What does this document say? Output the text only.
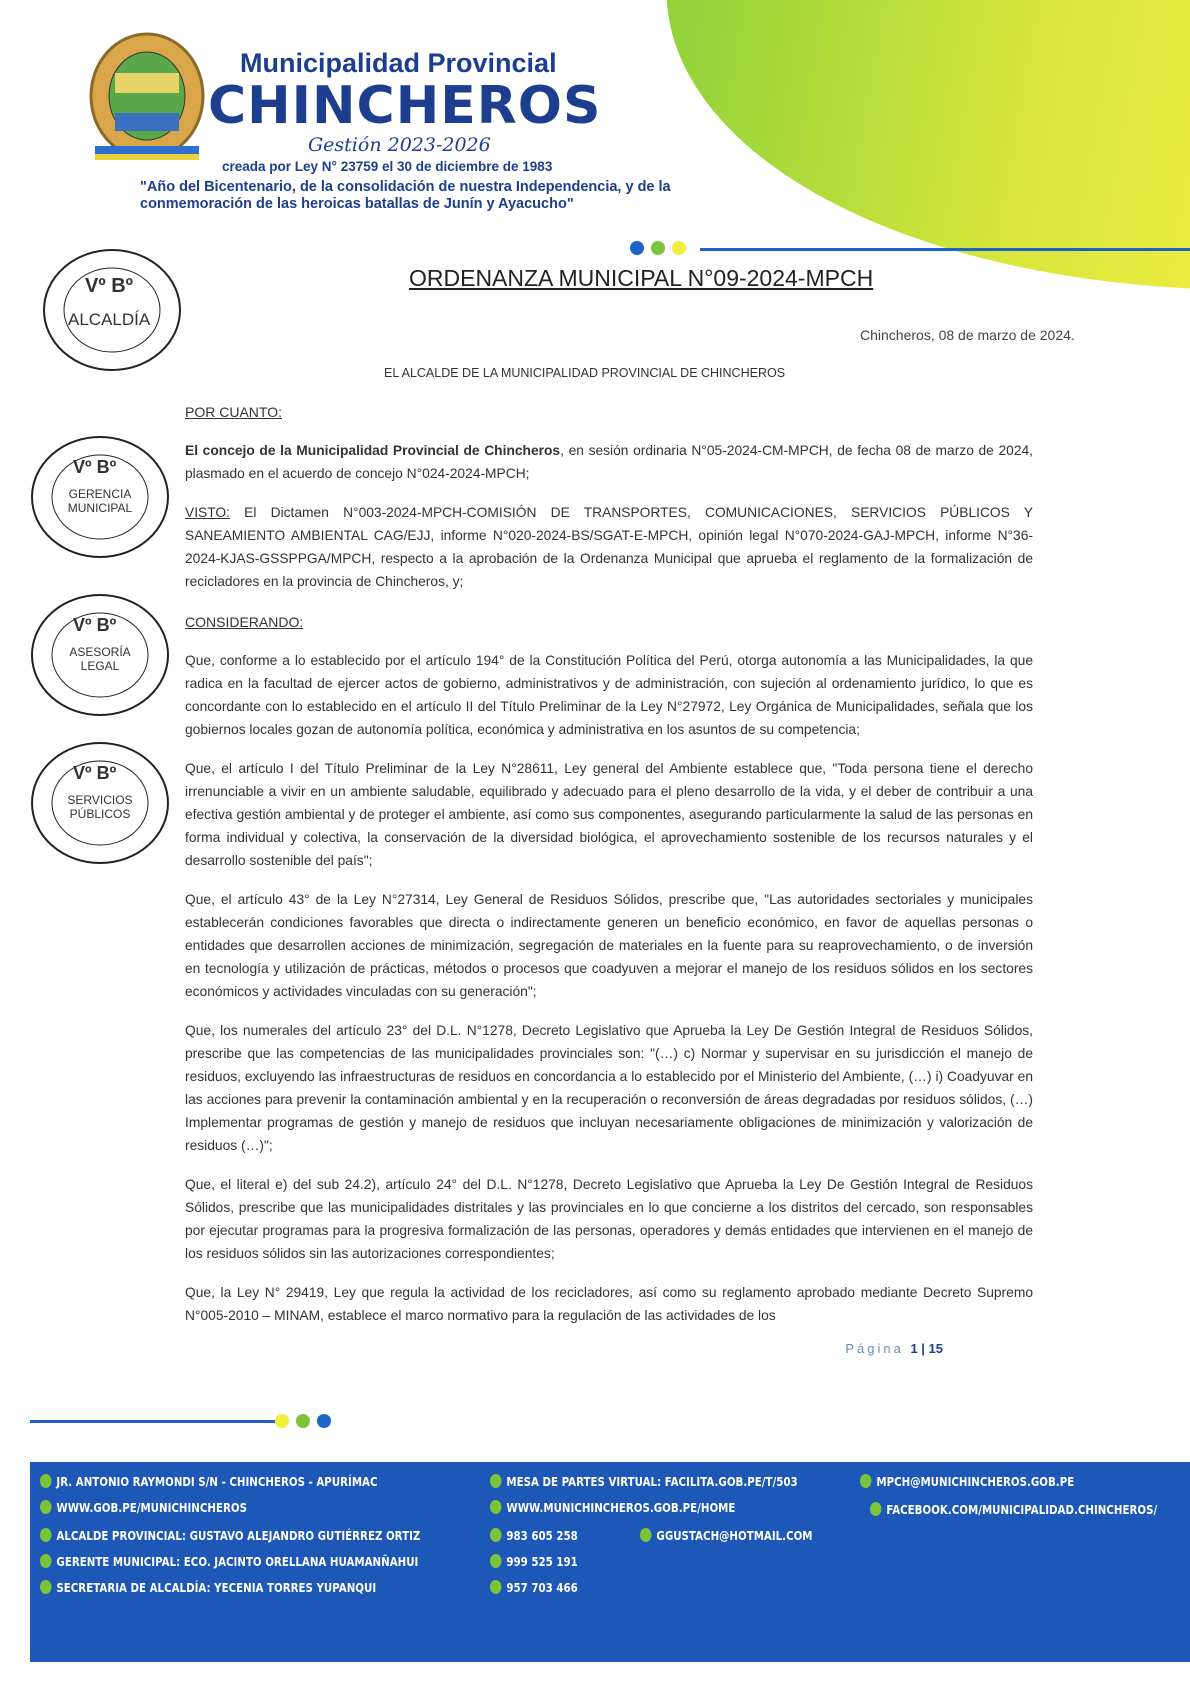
Municipalidad Provincial
CHINCHEROS
Gestión 2023-2026
creada por Ley N° 23759 el 30 de diciembre de 1983
"Año del Bicentenario, de la consolidación de nuestra Independencia, y de la conmemoración de las heroicas batallas de Junín y Ayacucho"
Vº Bº
ALCALDÍA
Vº Bº
GERENCIA MUNICIPAL
Vº Bº
ASESORÍA LEGAL
Vº Bº
SERVICIOS PÚBLICOS
ORDENANZA MUNICIPAL N°09-2024-MPCH
Chincheros, 08 de marzo de 2024.
EL ALCALDE DE LA MUNICIPALIDAD PROVINCIAL DE CHINCHEROS
POR CUANTO:
El concejo de la Municipalidad Provincial de Chincheros, en sesión ordinaria N°05-2024-CM-MPCH, de fecha 08 de marzo de 2024, plasmado en el acuerdo de concejo N°024-2024-MPCH;
VISTO: El Dictamen N°003-2024-MPCH-COMISIÓN DE TRANSPORTES, COMUNICACIONES, SERVICIOS PÚBLICOS Y SANEAMIENTO AMBIENTAL CAG/EJJ, informe N°020-2024-BS/SGAT-E-MPCH, opinión legal N°070-2024-GAJ-MPCH, informe N°36-2024-KJAS-GSSPPGA/MPCH, respecto a la aprobación de la Ordenanza Municipal que aprueba el reglamento de la formalización de recicladores en la provincia de Chincheros, y;
CONSIDERANDO:
Que, conforme a lo establecido por el artículo 194° de la Constitución Política del Perú, otorga autonomía a las Municipalidades, la que radica en la facultad de ejercer actos de gobierno, administrativos y de administración, con sujeción al ordenamiento jurídico, lo que es concordante con lo establecido en el artículo II del Título Preliminar de la Ley N°27972, Ley Orgánica de Municipalidades, señala que los gobiernos locales gozan de autonomía política, económica y administrativa en los asuntos de su competencia;
Que, el artículo I del Título Preliminar de la Ley N°28611, Ley general del Ambiente establece que, "Toda persona tiene el derecho irrenunciable a vivir en un ambiente saludable, equilibrado y adecuado para el pleno desarrollo de la vida, y el deber de contribuir a una efectiva gestión ambiental y de proteger el ambiente, así como sus componentes, asegurando particularmente la salud de las personas en forma individual y colectiva, la conservación de la diversidad biológica, el aprovechamiento sostenible de los recursos naturales y el desarrollo sostenible del país";
Que, el artículo 43° de la Ley N°27314, Ley General de Residuos Sólidos, prescribe que, "Las autoridades sectoriales y municipales establecerán condiciones favorables que directa o indirectamente generen un beneficio económico, en favor de aquellas personas o entidades que desarrollen acciones de minimización, segregación de materiales en la fuente para su reaprovechamiento, o de inversión en tecnología y utilización de prácticas, métodos o procesos que coadyuven a mejorar el manejo de los residuos sólidos en los sectores económicos y actividades vinculadas con su generación";
Que, los numerales del artículo 23° del D.L. N°1278, Decreto Legislativo que Aprueba la Ley De Gestión Integral de Residuos Sólidos, prescribe que las competencias de las municipalidades provinciales son: "(…) c) Normar y supervisar en su jurisdicción el manejo de residuos, excluyendo las infraestructuras de residuos en concordancia a lo establecido por el Ministerio del Ambiente, (…) i) Coadyuvar en las acciones para prevenir la contaminación ambiental y en la recuperación o reconversión de áreas degradadas por residuos sólidos, (…) Implementar programas de gestión y manejo de residuos que incluyan necesariamente obligaciones de minimización y valorización de residuos (…)";
Que, el literal e) del sub 24.2), artículo 24° del D.L. N°1278, Decreto Legislativo que Aprueba la Ley De Gestión Integral de Residuos Sólidos, prescribe que las municipalidades distritales y las provinciales en lo que concierne a los distritos del cercado, son responsables por ejecutar programas para la progresiva formalización de las personas, operadores y demás entidades que intervienen en el manejo de los residuos sólidos sin las autorizaciones correspondientes;
Que, la Ley N° 29419, Ley que regula la actividad de los recicladores, así como su reglamento aprobado mediante Decreto Supremo N°005-2010 – MINAM, establece el marco normativo para la regulación de las actividades de los
Página 1 | 15
JR. ANTONIO RAYMONDI S/N - CHINCHEROS - APURÍMAC
WWW.GOB.PE/MUNICHINCHEROS
ALCALDE PROVINCIAL: GUSTAVO ALEJANDRO GUTIÉRREZ ORTIZ
GERENTE MUNICIPAL: ECO. JACINTO ORELLANA HUAMANÑAHUI
SECRETARIA DE ALCALDÍA: YECENIA TORRES YUPANQUI
MESA DE PARTES VIRTUAL: FACILITA.GOB.PE/T/503
WWW.MUNICHINCHEROS.GOB.PE/HOME
983 605 258
999 525 191
957 703 466
GGUSTACH@HOTMAIL.COM
MPCH@MUNICHINCHEROS.GOB.PE
FACEBOOK.COM/MUNICIPALIDAD.CHINCHEROS/
